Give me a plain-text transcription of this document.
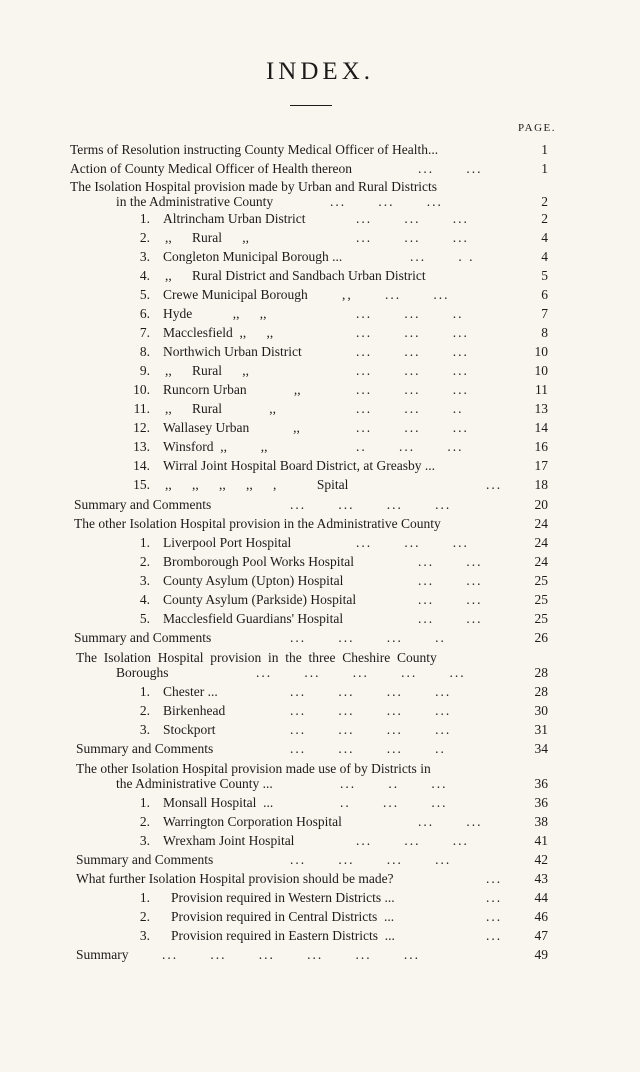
INDEX.
PAGE.
Terms of Resolution instructing County Medical Officer of Health...	1
Action of County Medical Officer of Health thereon	...      ...	1
The Isolation Hospital provision made by Urban and Rural Districts
in the Administrative County	...      ...      ...	2
1. Altrincham Urban District	...      ...      ...	2
2. ,,      Rural      ,,	...      ...      ...	4
3. Congleton Municipal Borough ...	...      . .	4
4. ,,      Rural District and Sandbach Urban District	5
5. Crewe Municipal Borough	,,      ...      ...	6
6. Hyde            ,,      ,,	...      ...      ..	7
7. Macclesfield  ,,      ,,	...      ...      ...	8
8. Northwich Urban District	...      ...      ...	10
9. ,,      Rural      ,,	...      ...      ...	10
10. Runcorn Urban              ,,	...      ...      ...	11
11. ,,      Rural              ,,	...      ...      ..	13
12. Wallasey Urban             ,,	...      ...      ...	14
13. Winsford  ,,          ,,	..      ...      ...	16
14. Wirral Joint Hospital Board District, at Greasby ...	17
15. ,,      ,,      ,,      ,,      ,            Spital	...	18
Summary and Comments	...      ...      ...      ...	20
The other Isolation Hospital provision in the Administrative County	24
1. Liverpool Port Hospital	...      ...      ...	24
2. Bromborough Pool Works Hospital	...      ...	24
3. County Asylum (Upton) Hospital	...      ...	25
4. County Asylum (Parkside) Hospital	...      ...	25
5. Macclesfield Guardians' Hospital	...      ...	25
Summary and Comments	...      ...      ...      ..	26
The  Isolation  Hospital  provision  in  the  three  Cheshire  County
Boroughs	...      ...      ...      ...      ...	28
1. Chester ...	...      ...      ...      ...	28
2. Birkenhead	...      ...      ...      ...	30
3. Stockport	...      ...      ...      ...	31
Summary and Comments	...      ...      ...      ..	34
The other Isolation Hospital provision made use of by Districts in
the Administrative County ...	...      ..      ...	36
1. Monsall Hospital  ...	..      ...      ...	36
2. Warrington Corporation Hospital	...      ...	38
3. Wrexham Joint Hospital	...      ...      ...	41
Summary and Comments	...      ...      ...      ...	42
What further Isolation Hospital provision should be made?	...	43
1. Provision required in Western Districts ...	...	44
2. Provision required in Central Districts  ...	...	46
3. Provision required in Eastern Districts  ...	...	47
Summary ...      ...      ...      ...      ...      ...	49
